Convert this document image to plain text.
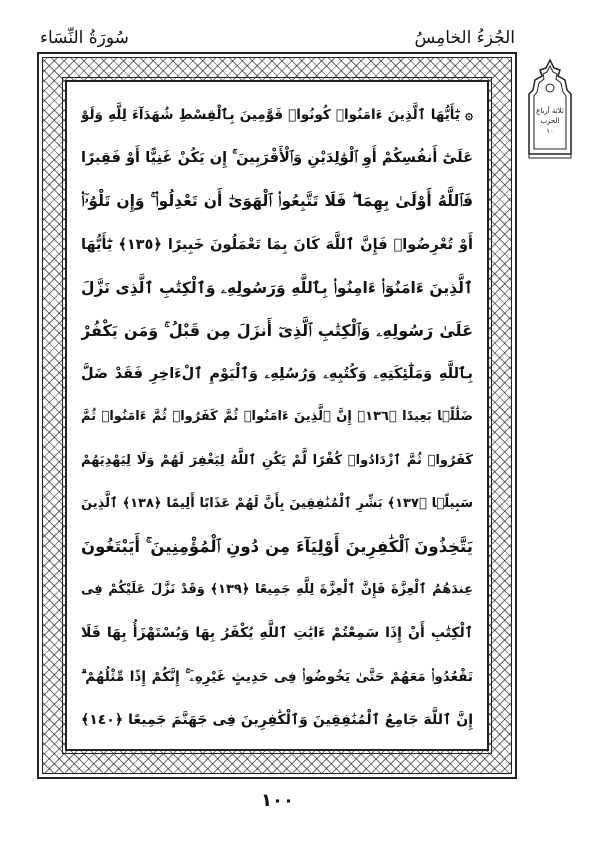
الجُزءُ الخامِسُ
سُورَةُ النِّسَاء
۞ يَٰٓأَيُّهَا ٱلَّذِينَ ءَامَنُوا۟ كُونُوا۟ قَوَّٰمِينَ بِٱلْقِسْطِ شُهَدَآءَ لِلَّهِ وَلَوْ
عَلَىٰٓ أَنفُسِكُمْ أَوِ ٱلْوَٰلِدَيْنِ وَٱلْأَقْرَبِينَ ۚ إِن يَكُنْ غَنِيًّا أَوْ فَقِيرًا
فَٱللَّهُ أَوْلَىٰ بِهِمَا ۖ فَلَا تَتَّبِعُوا۟ ٱلْهَوَىٰٓ أَن تَعْدِلُوا۟ ۚ وَإِن تَلْوُۥٓا۟
أَوْ تُعْرِضُوا۟ فَإِنَّ ٱللَّهَ كَانَ بِمَا تَعْمَلُونَ خَبِيرًا ﴿١٣٥﴾ يَٰٓأَيُّهَا
ٱلَّذِينَ ءَامَنُوٓا۟ ءَامِنُوا۟ بِٱللَّهِ وَرَسُولِهِۦ وَٱلْكِتَٰبِ ٱلَّذِى نَزَّلَ
عَلَىٰ رَسُولِهِۦ وَٱلْكِتَٰبِ ٱلَّذِىٓ أَنزَلَ مِن قَبْلُ ۚ وَمَن يَكْفُرْ
بِٱللَّهِ وَمَلَٰٓئِكَتِهِۦ وَكُتُبِهِۦ وَرُسُلِهِۦ وَٱلْيَوْمِ ٱلْءَاخِرِ فَقَدْ ضَلَّ
ضَلَٰلًۢا بَعِيدًا ﴿١٣٦﴾ إِنَّ ٱلَّذِينَ ءَامَنُوا۟ ثُمَّ كَفَرُوا۟ ثُمَّ ءَامَنُوا۟ ثُمَّ
كَفَرُوا۟ ثُمَّ ٱزْدَادُوا۟ كُفْرًا لَّمْ يَكُنِ ٱللَّهُ لِيَغْفِرَ لَهُمْ وَلَا لِيَهْدِيَهُمْ
سَبِيلًۢا ﴿١٣٧﴾ بَشِّرِ ٱلْمُنَٰفِقِينَ بِأَنَّ لَهُمْ عَذَابًا أَلِيمًا ﴿١٣٨﴾ ٱلَّذِينَ
يَتَّخِذُونَ ٱلْكَٰفِرِينَ أَوْلِيَآءَ مِن دُونِ ٱلْمُؤْمِنِينَ ۚ أَيَبْتَغُونَ
عِندَهُمُ ٱلْعِزَّةَ فَإِنَّ ٱلْعِزَّةَ لِلَّهِ جَمِيعًا ﴿١٣٩﴾ وَقَدْ نَزَّلَ عَلَيْكُمْ فِى
ٱلْكِتَٰبِ أَنْ إِذَا سَمِعْتُمْ ءَايَٰتِ ٱللَّهِ يُكْفَرُ بِهَا وَيُسْتَهْزَأُ بِهَا فَلَا
تَقْعُدُوا۟ مَعَهُمْ حَتَّىٰ يَخُوضُوا۟ فِى حَدِيثٍ غَيْرِهِۦٓ ۚ إِنَّكُمْ إِذًا مِّثْلُهُمْ ۗ
إِنَّ ٱللَّهَ جَامِعُ ٱلْمُنَٰفِقِينَ وَٱلْكَٰفِرِينَ فِى جَهَنَّمَ جَمِيعًا ﴿١٤٠﴾
ثلاثة أرباع
الحزب
١٠
١٠٠
